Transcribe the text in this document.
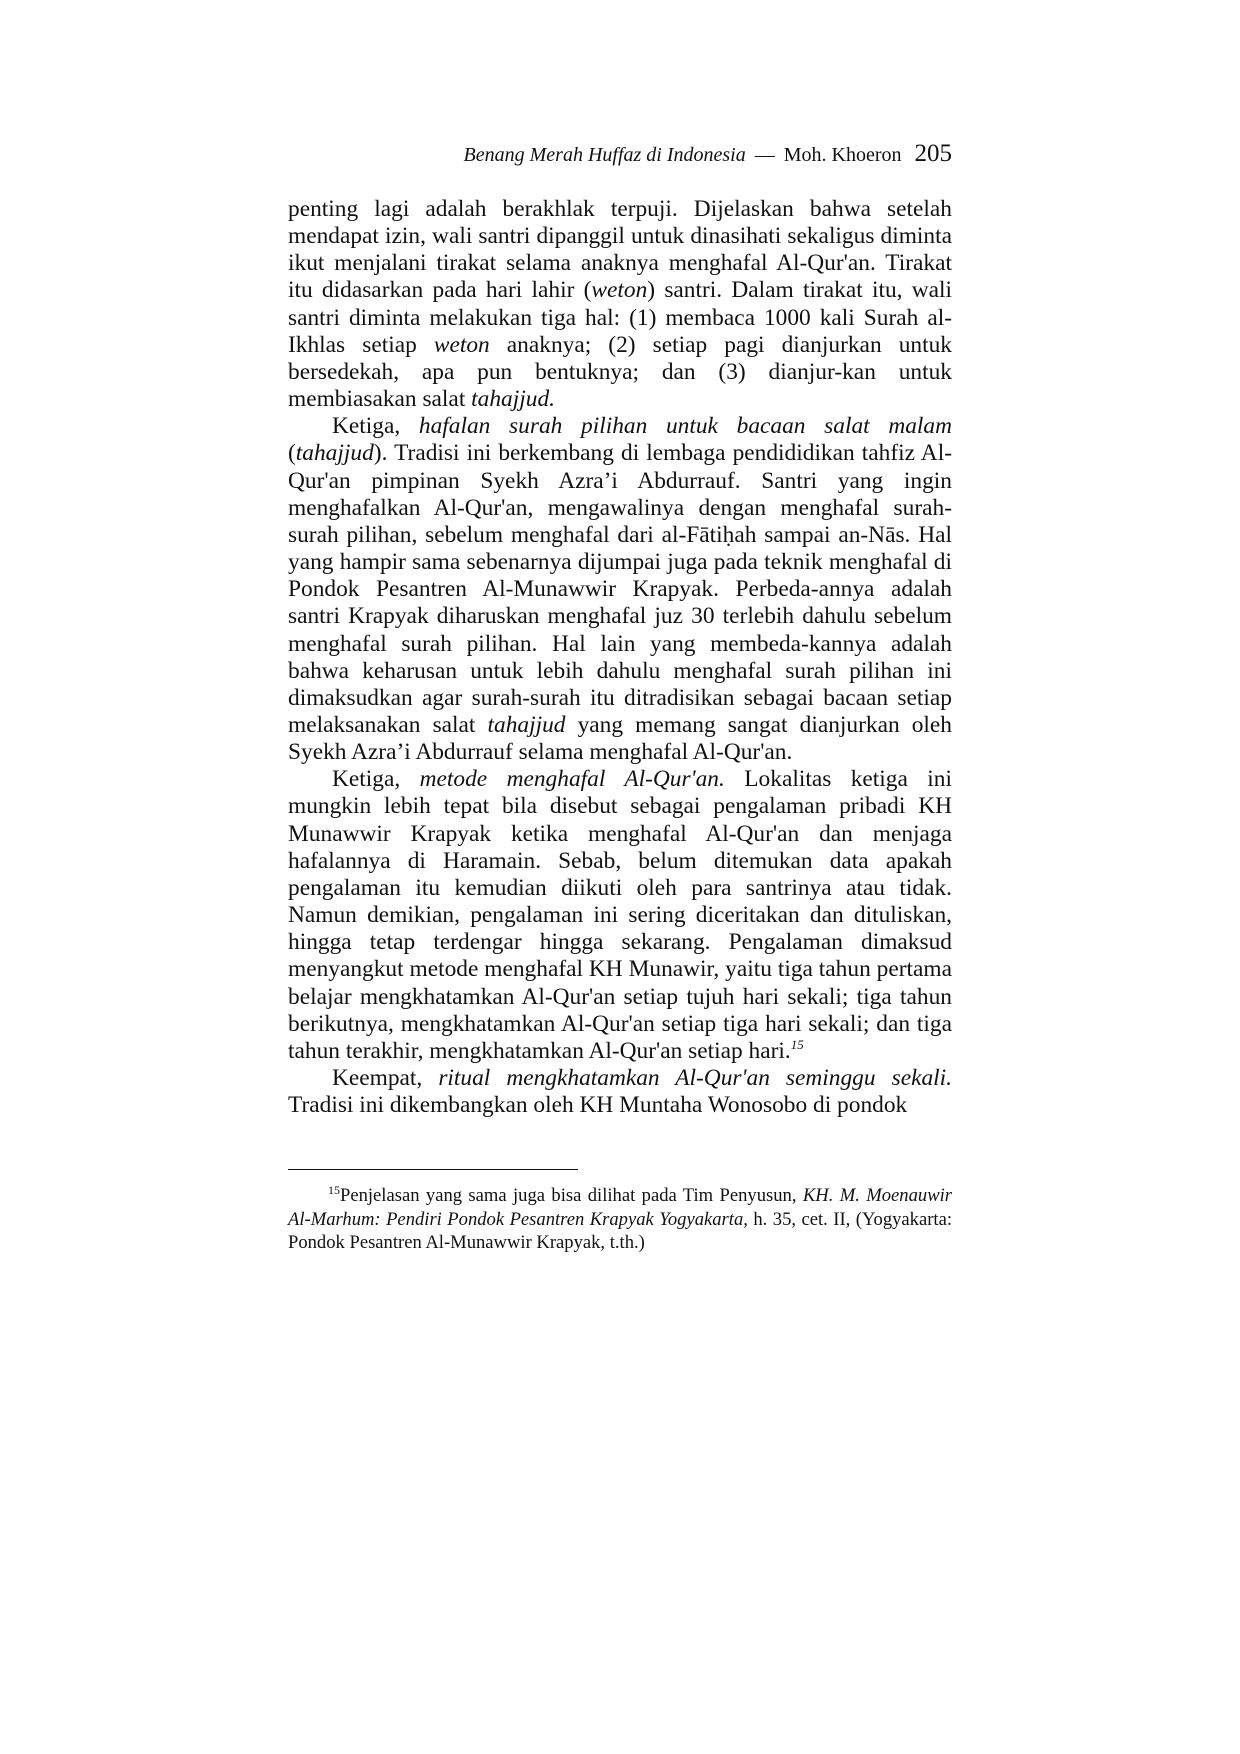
Benang Merah Huffaz di Indonesia — Moh. Khoeron 205

penting lagi adalah berakhlak terpuji. Dijelaskan bahwa setelah mendapat izin, wali santri dipanggil untuk dinasihati sekaligus diminta ikut menjalani tirakat selama anaknya menghafal Al-Qur'an. Tirakat itu didasarkan pada hari lahir (weton) santri. Dalam tirakat itu, wali santri diminta melakukan tiga hal: (1) membaca 1000 kali Surah al-Ikhlas setiap weton anaknya; (2) setiap pagi dianjurkan untuk bersedekah, apa pun bentuknya; dan (3) dianjur-kan untuk membiasakan salat tahajjud.

Ketiga, hafalan surah pilihan untuk bacaan salat malam (tahajjud). Tradisi ini berkembang di lembaga pendididikan tahfiz Al-Qur'an pimpinan Syekh Azra’i Abdurrauf. Santri yang ingin menghafalkan Al-Qur'an, mengawalinya dengan menghafal surah-surah pilihan, sebelum menghafal dari al-Fātiḥah sampai an-Nās. Hal yang hampir sama sebenarnya dijumpai juga pada teknik menghafal di Pondok Pesantren Al-Munawwir Krapyak. Perbeda-annya adalah santri Krapyak diharuskan menghafal juz 30 terlebih dahulu sebelum menghafal surah pilihan. Hal lain yang membeda-kannya adalah bahwa keharusan untuk lebih dahulu menghafal surah pilihan ini dimaksudkan agar surah-surah itu ditradisikan sebagai bacaan setiap melaksanakan salat tahajjud yang memang sangat dianjurkan oleh Syekh Azra’i Abdurrauf selama menghafal Al-Qur'an.

Ketiga, metode menghafal Al-Qur'an. Lokalitas ketiga ini mungkin lebih tepat bila disebut sebagai pengalaman pribadi KH Munawwir Krapyak ketika menghafal Al-Qur'an dan menjaga hafalannya di Haramain. Sebab, belum ditemukan data apakah pengalaman itu kemudian diikuti oleh para santrinya atau tidak. Namun demikian, pengalaman ini sering diceritakan dan dituliskan, hingga tetap terdengar hingga sekarang. Pengalaman dimaksud menyangkut metode menghafal KH Munawir, yaitu tiga tahun pertama belajar mengkhatamkan Al-Qur'an setiap tujuh hari sekali; tiga tahun berikutnya, mengkhatamkan Al-Qur'an setiap tiga hari sekali; dan tiga tahun terakhir, mengkhatamkan Al-Qur'an setiap hari.$^{15}$

Keempat, ritual mengkhatamkan Al-Qur'an seminggu sekali. Tradisi ini dikembangkan oleh KH Muntaha Wonosobo di pondok

$^{15}$Penjelasan yang sama juga bisa dilihat pada Tim Penyusun, KH. M. Moenauwir Al-Marhum: Pendiri Pondok Pesantren Krapyak Yogyakarta, h. 35, cet. II, (Yogyakarta: Pondok Pesantren Al-Munawwir Krapyak, t.th.)
